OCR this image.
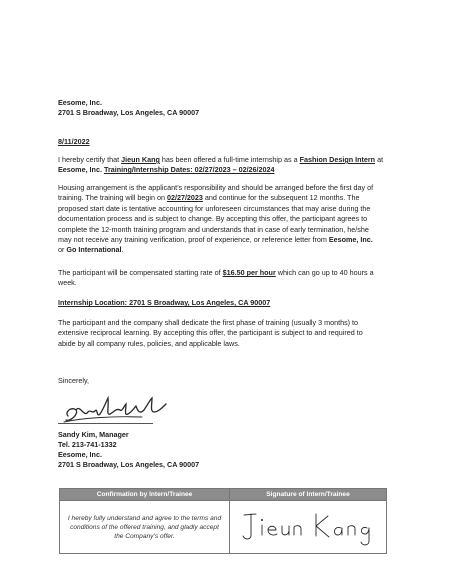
Eesome, Inc.
2701 S Broadway, Los Angeles, CA 90007
8/11/2022
I hereby certify that Jieun Kang has been offered a full-time internship as a Fashion Design Intern at
Eesome, Inc. Training/Internship Dates: 02/27/2023 – 02/26/2024
Housing arrangement is the applicant’s responsibility and should be arranged before the first day of
training. The training will begin on 02/27/2023 and continue for the subsequent 12 months. The
proposed start date is tentative accounting for unforeseen circumstances that may arise during the
documentation process and is subject to change. By accepting this offer, the participant agrees to
complete the 12-month training program and understands that in case of early termination, he/she
may not receive any training verification, proof of experience, or reference letter from Eesome, Inc.
or Go International.
The participant will be compensated starting rate of $16.50 per hour which can go up to 40 hours a
week.
Internship Location: 2701 S Broadway, Los Angeles, CA 90007
The participant and the company shall dedicate the first phase of training (usually 3 months) to
extensive reciprocal learning. By accepting this offer, the participant is subject to and required to
abide by all company rules, policies, and applicable laws.
Sincerely,
Sandy Kim, Manager
Tel. 213-741-1332
Eesome, Inc.
2701 S Broadway, Los Angeles, CA 90007
Confirmation by Intern/Trainee	Signature of Intern/Trainee

I hereby fully understand and agree to the terms and
conditions of the offered training, and gladly accept
the Company’s offer.
